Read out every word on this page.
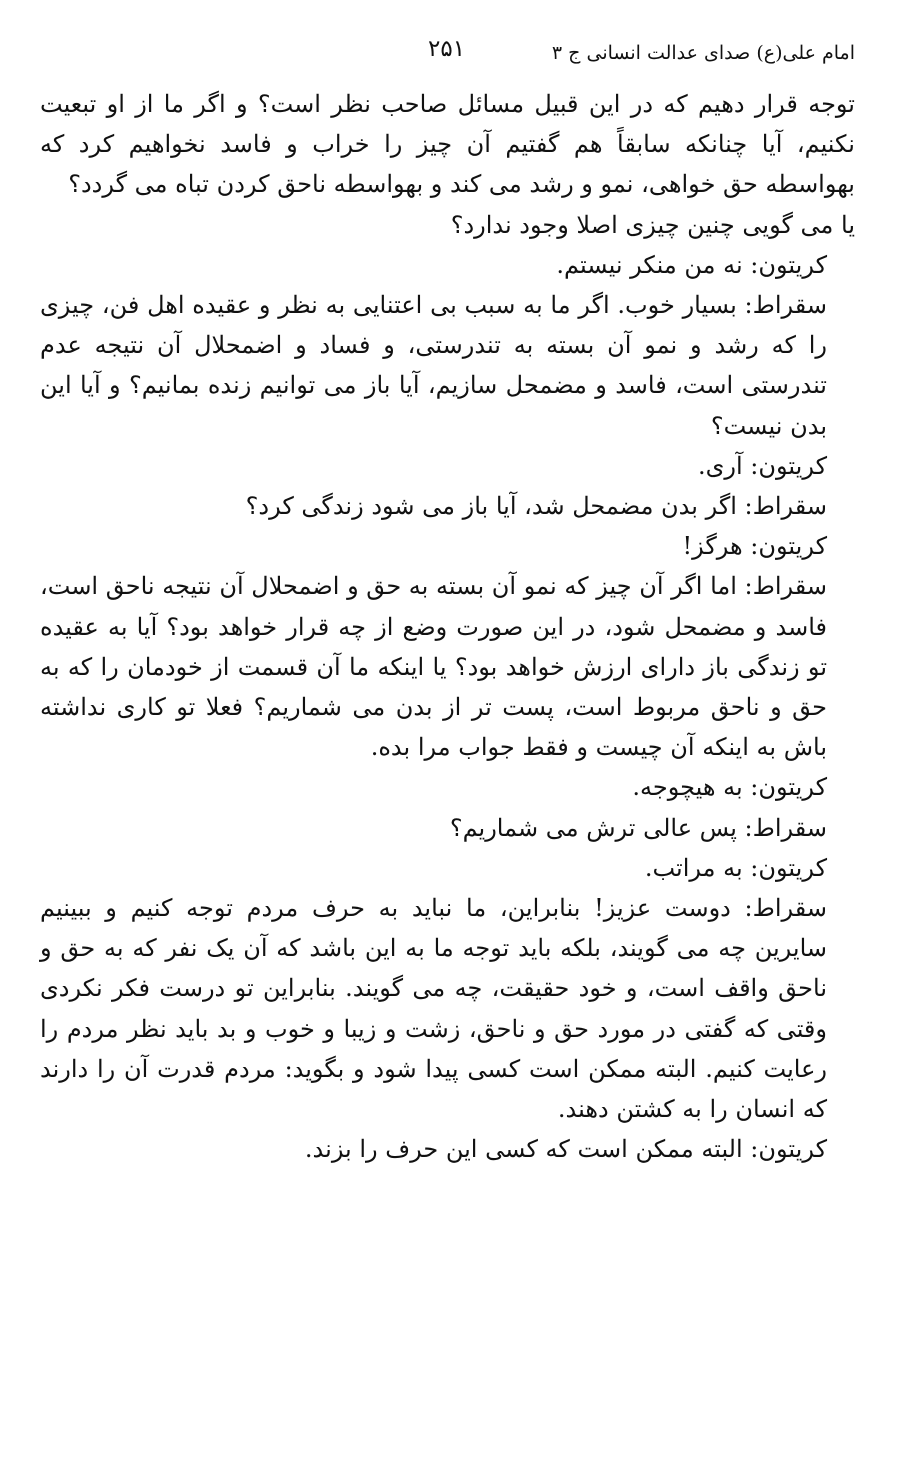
امام علی(ع) صدای عدالت انسانی ج ۳
۲۵۱

توجه قرار دهیم که در این قبیل مسائل صاحب نظر است؟ و اگر ما از او تبعیت نکنیم، آیا چنانکه سابقاً هم گفتیم آن چیز را خراب و فاسد نخواهیم کرد که بهواسطه حق خواهی، نمو و رشد می کند و بهواسطه ناحق کردن تباه می گردد؟

یا می گویی چنین چیزی اصلا وجود ندارد؟

کریتون: نه من منکر نیستم.

سقراط: بسیار خوب. اگر ما به سبب بی اعتنایی به نظر و عقیده اهل فن، چیزی را که رشد و نمو آن بسته به تندرستی، و فساد و اضمحلال آن نتیجه عدم تندرستی است، فاسد و مضمحل سازیم، آیا باز می توانیم زنده بمانیم؟ و آیا این بدن نیست؟

کریتون: آری.

سقراط: اگر بدن مضمحل شد، آیا باز می شود زندگی کرد؟

کریتون: هرگز!

سقراط: اما اگر آن چیز که نمو آن بسته به حق و اضمحلال آن نتیجه ناحق است، فاسد و مضمحل شود، در این صورت وضع از چه قرار خواهد بود؟ آیا به عقیده تو زندگی باز دارای ارزش خواهد بود؟ یا اینکه ما آن قسمت از خودمان را که به حق و ناحق مربوط است، پست تر از بدن می شماریم؟ فعلا تو کاری نداشته باش به اینکه آن چیست و فقط جواب مرا بده.

کریتون: به هیچوجه.

سقراط: پس عالی ترش می شماریم؟

کریتون: به مراتب.

سقراط: دوست عزیز! بنابراین، ما نباید به حرف مردم توجه کنیم و ببینیم سایرین چه می گویند، بلکه باید توجه ما به این باشد که آن یک نفر که به حق و ناحق واقف است، و خود حقیقت، چه می گویند. بنابراین تو درست فکر نکردی وقتی که گفتی در مورد حق و ناحق، زشت و زیبا و خوب و بد باید نظر مردم را رعایت کنیم. البته ممکن است کسی پیدا شود و بگوید: مردم قدرت آن را دارند که انسان را به کشتن دهند.

کریتون: البته ممکن است که کسی این حرف را بزند.
